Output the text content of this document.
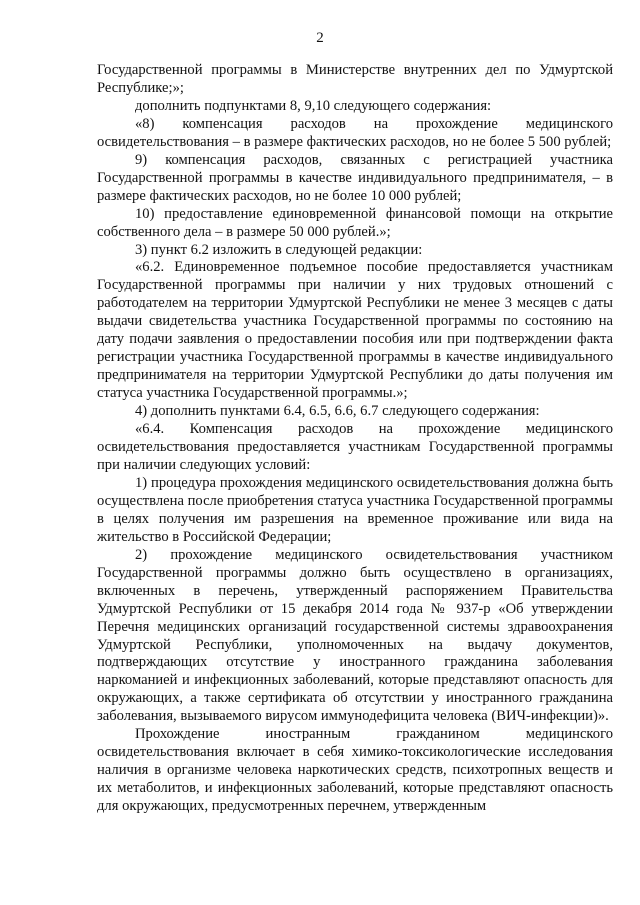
2

Государственной программы в Министерстве внутренних дел по Удмуртской Республике;»;

дополнить подпунктами 8, 9,10 следующего содержания:

«8) компенсация расходов на прохождение медицинского освидетельствования – в размере фактических расходов, но не более 5 500 рублей;

9) компенсация расходов, связанных с регистрацией участника Государственной программы в качестве индивидуального предпринимателя, – в размере фактических расходов, но не более 10 000 рублей;

10) предоставление единовременной финансовой помощи на открытие собственного дела – в размере 50 000 рублей.»;

3) пункт 6.2 изложить в следующей редакции:

«6.2. Единовременное подъемное пособие предоставляется участникам Государственной программы при наличии у них трудовых отношений с работодателем на территории Удмуртской Республики не менее 3 месяцев с даты выдачи свидетельства участника Государственной программы по состоянию на дату подачи заявления о предоставлении пособия или при подтверждении факта регистрации участника Государственной программы в качестве индивидуального предпринимателя на территории Удмуртской Республики до даты получения им статуса участника Государственной программы.»;

4) дополнить пунктами 6.4, 6.5, 6.6, 6.7 следующего содержания:

«6.4. Компенсация расходов на прохождение медицинского освидетельствования предоставляется участникам Государственной программы при наличии следующих условий:

1) процедура прохождения медицинского освидетельствования должна быть осуществлена после приобретения статуса участника Государственной программы в целях получения им разрешения на временное проживание или вида на жительство в Российской Федерации;

2) прохождение медицинского освидетельствования участником Государственной программы должно быть осуществлено в организациях, включенных в перечень, утвержденный распоряжением Правительства Удмуртской Республики от 15 декабря 2014 года № 937-р «Об утверждении Перечня медицинских организаций государственной системы здравоохранения Удмуртской Республики, уполномоченных на выдачу документов, подтверждающих отсутствие у иностранного гражданина заболевания наркоманией и инфекционных заболеваний, которые представляют опасность для окружающих, а также сертификата об отсутствии у иностранного гражданина заболевания, вызываемого вирусом иммунодефицита человека (ВИЧ-инфекции)».

Прохождение иностранным гражданином медицинского освидетельствования включает в себя химико-токсикологические исследования наличия в организме человека наркотических средств, психотропных веществ и их метаболитов, и инфекционных заболеваний, которые представляют опасность для окружающих, предусмотренных перечнем, утвержденным
